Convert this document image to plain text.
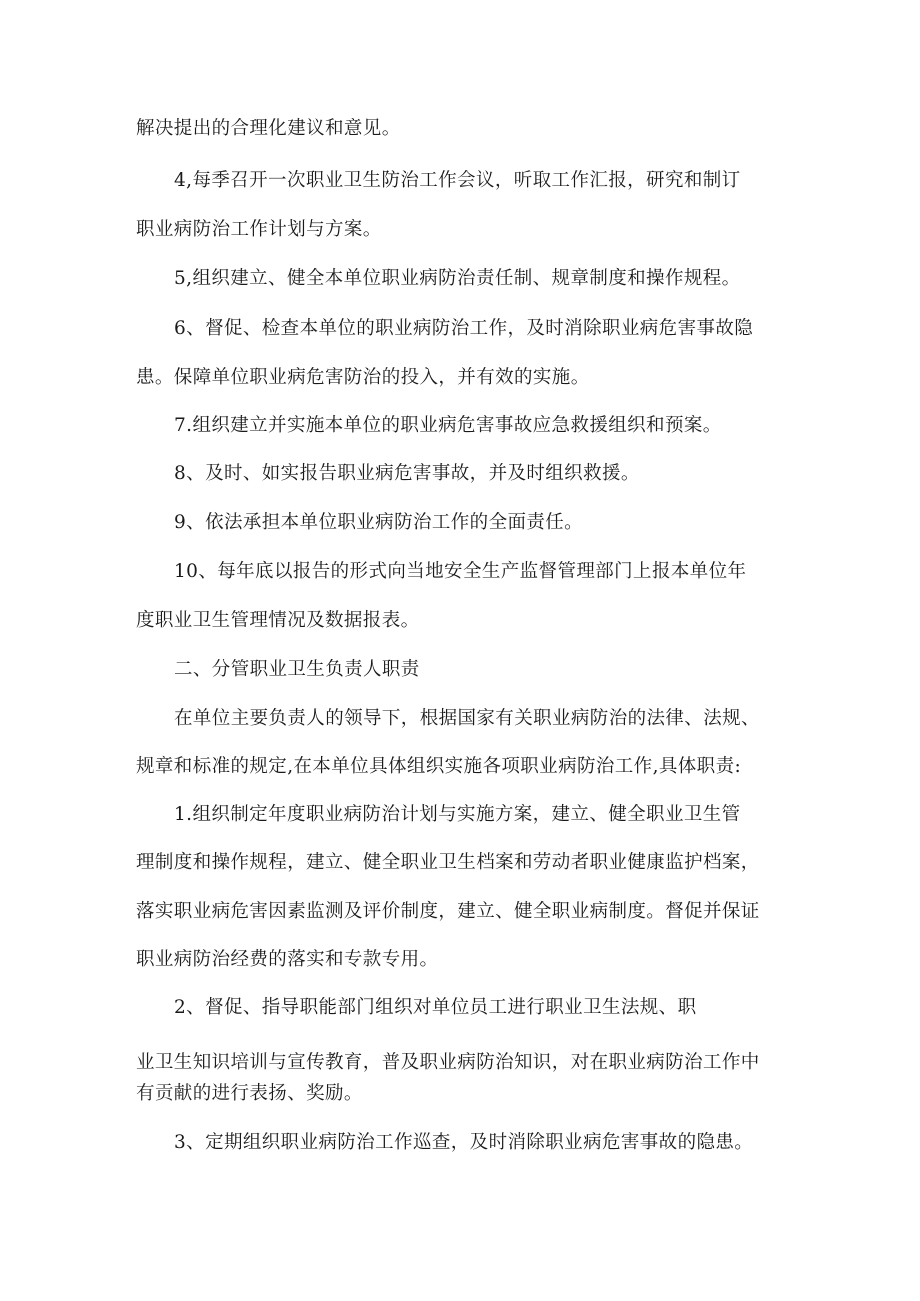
解决提出的合理化建议和意见。
4,每季召开一次职业卫生防治工作会议，听取工作汇报，研究和制订
职业病防治工作计划与方案。
5,组织建立、健全本单位职业病防治责任制、规章制度和操作规程。
6、督促、检查本单位的职业病防治工作，及时消除职业病危害事故隐
患。保障单位职业病危害防治的投入，并有效的实施。
7.组织建立并实施本单位的职业病危害事故应急救援组织和预案。
8、及时、如实报告职业病危害事故，并及时组织救援。
9、依法承担本单位职业病防治工作的全面责任。
10、每年底以报告的形式向当地安全生产监督管理部门上报本单位年
度职业卫生管理情况及数据报表。
二、分管职业卫生负责人职责
在单位主要负责人的领导下，根据国家有关职业病防治的法律、法规、
规章和标准的规定,在本单位具体组织实施各项职业病防治工作,具体职责:
1.组织制定年度职业病防治计划与实施方案，建立、健全职业卫生管
理制度和操作规程，建立、健全职业卫生档案和劳动者职业健康监护档案，
落实职业病危害因素监测及评价制度，建立、健全职业病制度。督促并保证
职业病防治经费的落实和专款专用。
2、督促、指导职能部门组织对单位员工进行职业卫生法规、职
业卫生知识培训与宣传教育，普及职业病防治知识，对在职业病防治工作中
有贡献的进行表扬、奖励。
3、定期组织职业病防治工作巡查，及时消除职业病危害事故的隐患。
